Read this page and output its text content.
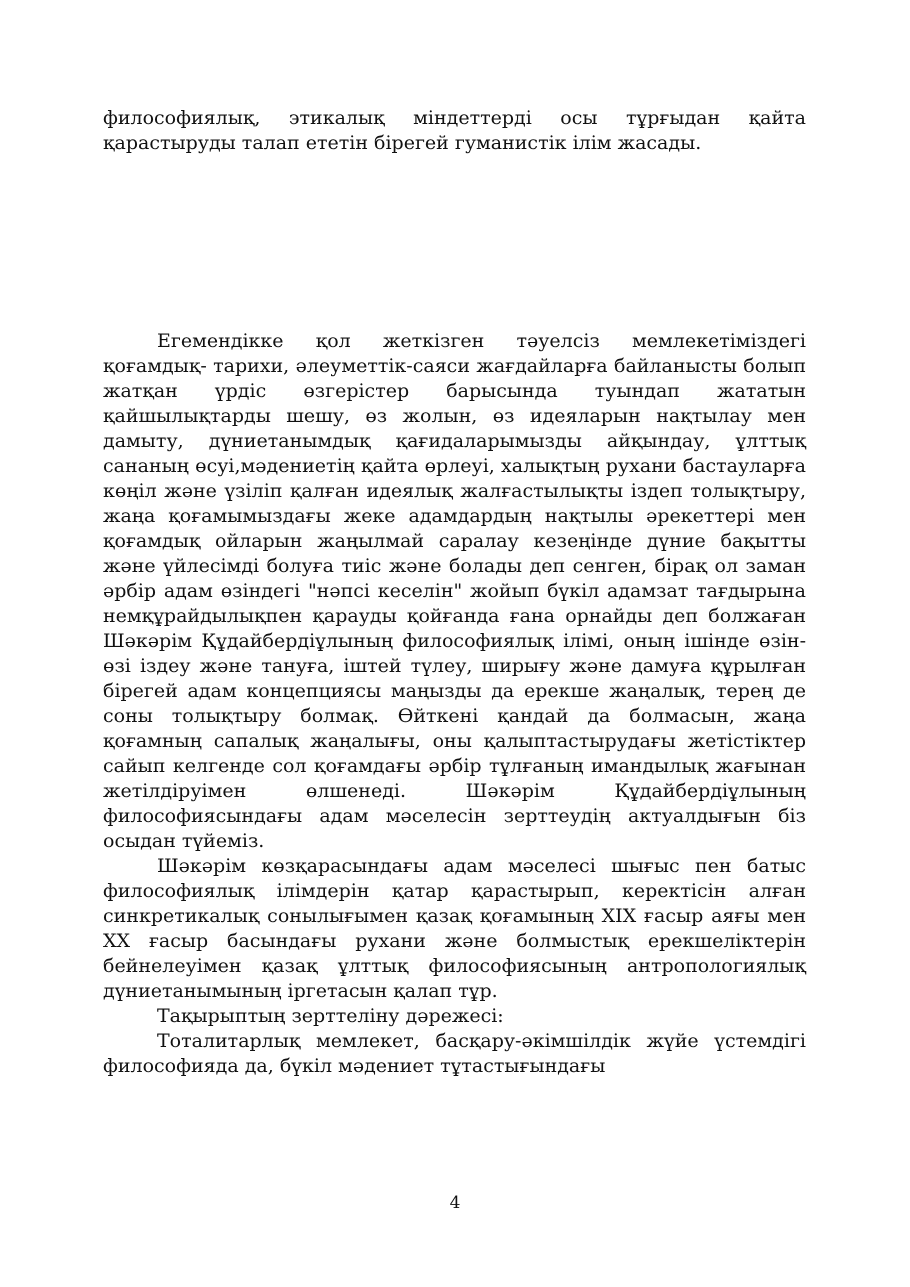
философиялық, этикалық міндеттерді осы тұрғыдан қайта қарастыруды талап ететін бірегей гуманистік ілім жасады.

Егемендікке қол жеткізген тәуелсіз мемлекетіміздегі қоғамдық- тарихи, әлеуметтік-саяси жағдайларға байланысты болып жатқан үрдіс өзгерістер барысында туындап жататын қайшылықтарды шешу, өз жолын, өз идеяларын нақтылау мен дамыту, дүниетанымдық қағидаларымызды айқындау, ұлттық сананың өсуі,мәдениетің қайта өрлеуі, халықтың рухани бастауларға көңіл және үзіліп қалған идеялық жалғастылықты іздеп толықтыру, жаңа қоғамымыздағы жеке адамдардың нақтылы әрекеттері мен қоғамдық ойларын жаңылмай саралау кезеңінде дүние бақытты және үйлесімді болуға тиіс және болады деп сенген, бірақ ол заман әрбір адам өзіндегі "нәпсі кеселін" жойып бүкіл адамзат тағдырына немқұрайдылықпен қарауды қойғанда ғана орнайды деп болжаған Шәкәрім Құдайбердіұлының философиялық ілімі, оның ішінде өзін- өзі іздеу және тануға, іштей түлеу, ширығу және дамуға құрылған бірегей адам концепциясы маңызды да ерекше жаңалық, терең де соны толықтыру болмақ. Өйткені қандай да болмасын, жаңа қоғамның сапалық жаңалығы, оны қалыптастырудағы жетістіктер сайып келгенде сол қоғамдағы әрбір тұлғаның имандылық жағынан жетілдіруімен өлшенеді. Шәкәрім Құдайбердіұлының философиясындағы адам мәселесін зерттеудің актуалдығын біз осыдан түйеміз.

Шәкәрім көзқарасындағы адам мәселесі шығыс пен батыс философиялық ілімдерін қатар қарастырып, керектісін алған синкретикалық сонылығымен қазақ қоғамының XIX ғасыр аяғы мен XX ғасыр басындағы рухани және болмыстық ерекшеліктерін бейнелеуімен қазақ ұлттық философиясының антропологиялық дүниетанымының іргетасын қалап тұр.

Тақырыптың зерттеліну дәрежесі:

Тоталитарлық мемлекет, басқару-әкімшілдік жүйе үстемдігі философияда да, бүкіл мәдениет тұтастығындағы

4
